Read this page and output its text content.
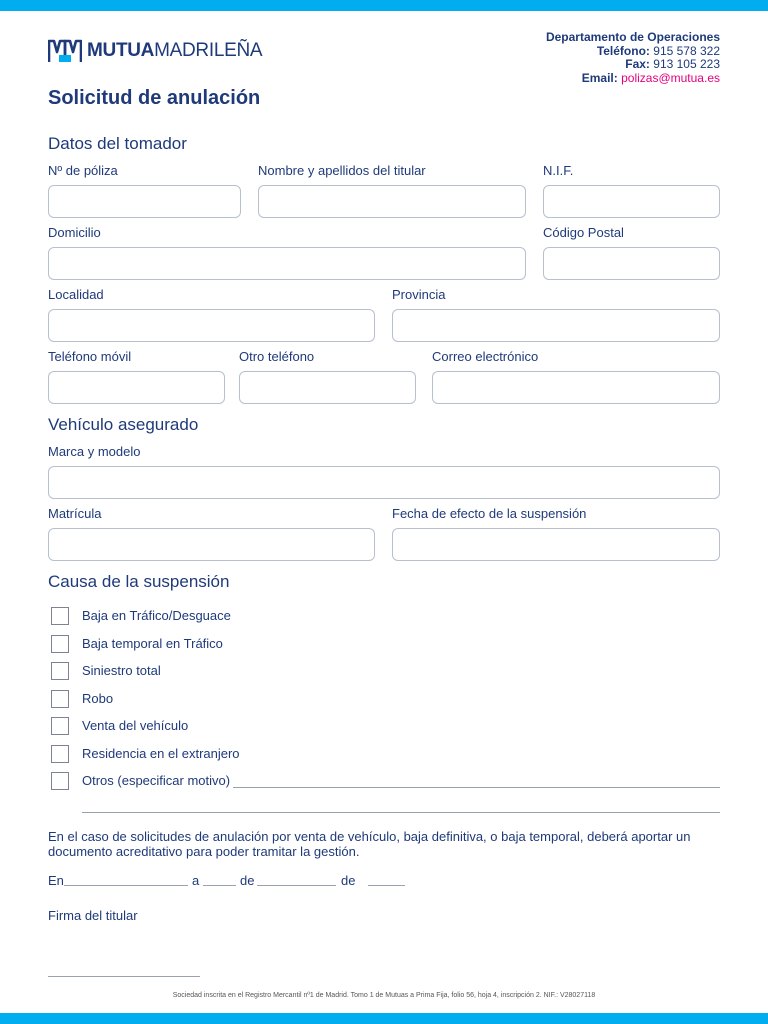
MUTUAMADRILEÑA
Departamento de Operaciones
Teléfono: 915 578 322
Fax: 913 105 223
Email: polizas@mutua.es
Solicitud de anulación
Datos del tomador
Nº de póliza	Nombre y apellidos del titular	N.I.F.
Domicilio	Código Postal
Localidad	Provincia
Teléfono móvil	Otro teléfono	Correo electrónico
Vehículo asegurado
Marca y modelo
Matrícula	Fecha de efecto de la suspensión
Causa de la suspensión
Baja en Tráfico/Desguace
Baja temporal en Tráfico
Siniestro total
Robo
Venta del vehículo
Residencia en el extranjero
Otros (especificar motivo)

En el caso de solicitudes de anulación por venta de vehículo, baja definitiva, o baja temporal, deberá aportar un documento acreditativo para poder tramitar la gestión.

En	a	de	de
Firma del titular
Sociedad inscrita en el Registro Mercantil nº1 de Madrid. Tomo 1 de Mutuas a Prima Fija, folio 56, hoja 4, inscripción 2. NIF.: V28027118
